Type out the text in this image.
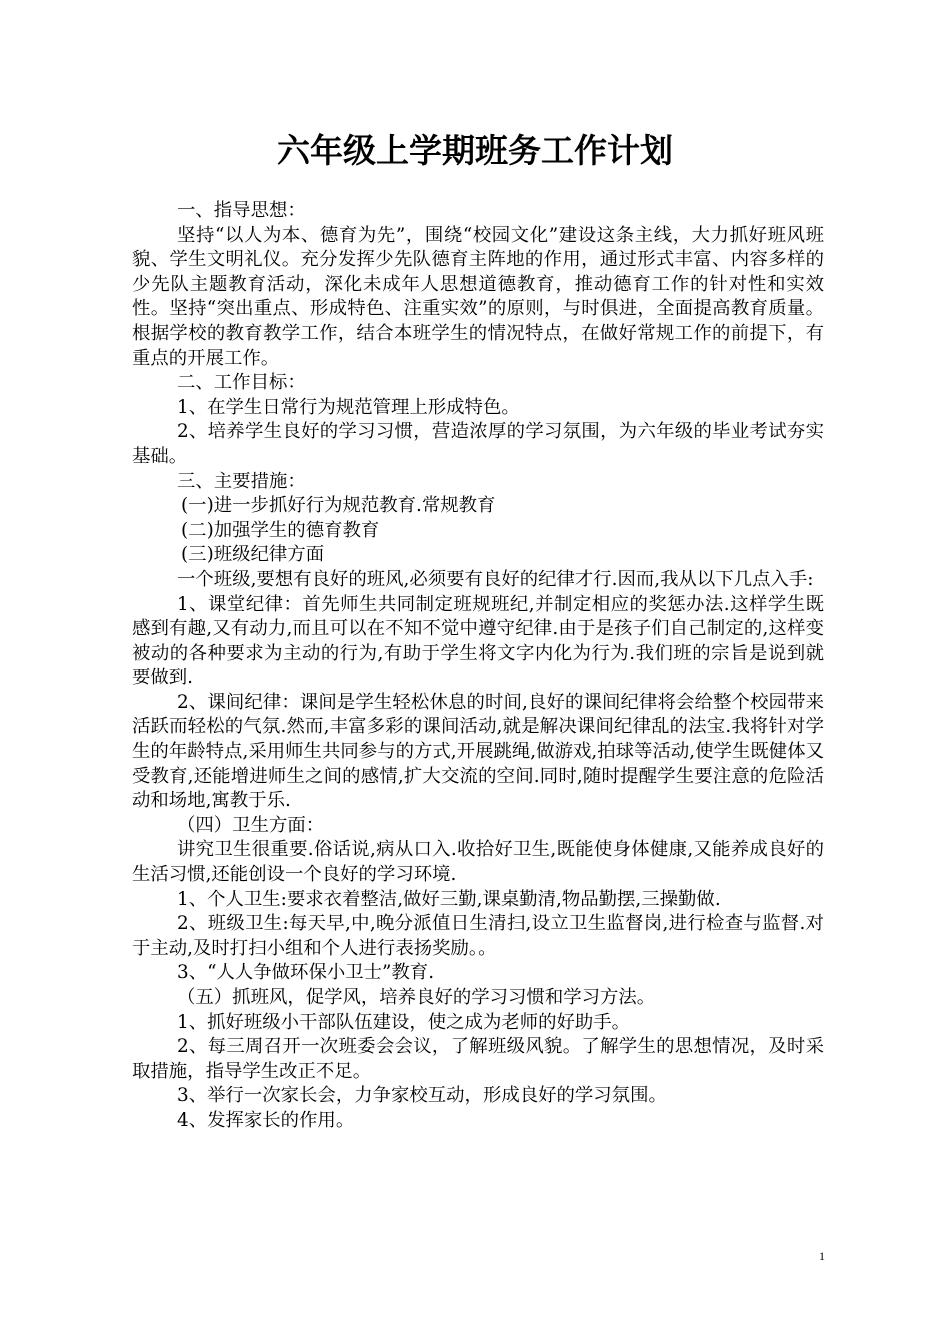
六年级上学期班务工作计划

一、指导思想：

坚持“以人为本、德育为先”，围绕“校园文化”建设这条主线，大力抓好班风班貌、学生文明礼仪。充分发挥少先队德育主阵地的作用，通过形式丰富、内容多样的少先队主题教育活动，深化未成年人思想道德教育，推动德育工作的针对性和实效性。坚持“突出重点、形成特色、注重实效”的原则，与时俱进，全面提高教育质量。根据学校的教育教学工作，结合本班学生的情况特点，在做好常规工作的前提下，有重点的开展工作。

二、工作目标：

1、在学生日常行为规范管理上形成特色。

2、培养学生良好的学习习惯，营造浓厚的学习氛围，为六年级的毕业考试夯实基础。

三、主要措施：

(一)进一步抓好行为规范教育.常规教育

(二)加强学生的德育教育

(三)班级纪律方面

一个班级,要想有良好的班风,必须要有良好的纪律才行.因而,我从以下几点入手:

1、课堂纪律：首先师生共同制定班规班纪,并制定相应的奖惩办法.这样学生既感到有趣,又有动力,而且可以在不知不觉中遵守纪律.由于是孩子们自己制定的,这样变被动的各种要求为主动的行为,有助于学生将文字内化为行为.我们班的宗旨是说到就要做到.

2、课间纪律：课间是学生轻松休息的时间,良好的课间纪律将会给整个校园带来活跃而轻松的气氛.然而,丰富多彩的课间活动,就是解决课间纪律乱的法宝.我将针对学生的年龄特点,采用师生共同参与的方式,开展跳绳,做游戏,拍球等活动,使学生既健体又受教育,还能增进师生之间的感情,扩大交流的空间.同时,随时提醒学生要注意的危险活动和场地,寓教于乐.

（四）卫生方面：

讲究卫生很重要.俗话说,病从口入.收拾好卫生,既能使身体健康,又能养成良好的生活习惯,还能创设一个良好的学习环境.

1、个人卫生:要求衣着整洁,做好三勤,课桌勤清,物品勤摆,三操勤做.

2、班级卫生:每天早,中,晚分派值日生清扫,设立卫生监督岗,进行检查与监督.对于主动,及时打扫小组和个人进行表扬奖励。。

3、“人人争做环保小卫士”教育.

（五）抓班风，促学风，培养良好的学习习惯和学习方法。

1、抓好班级小干部队伍建设，使之成为老师的好助手。

2、每三周召开一次班委会会议，了解班级风貌。了解学生的思想情况，及时采取措施，指导学生改正不足。

3、举行一次家长会，力争家校互动，形成良好的学习氛围。

4、发挥家长的作用。

1
